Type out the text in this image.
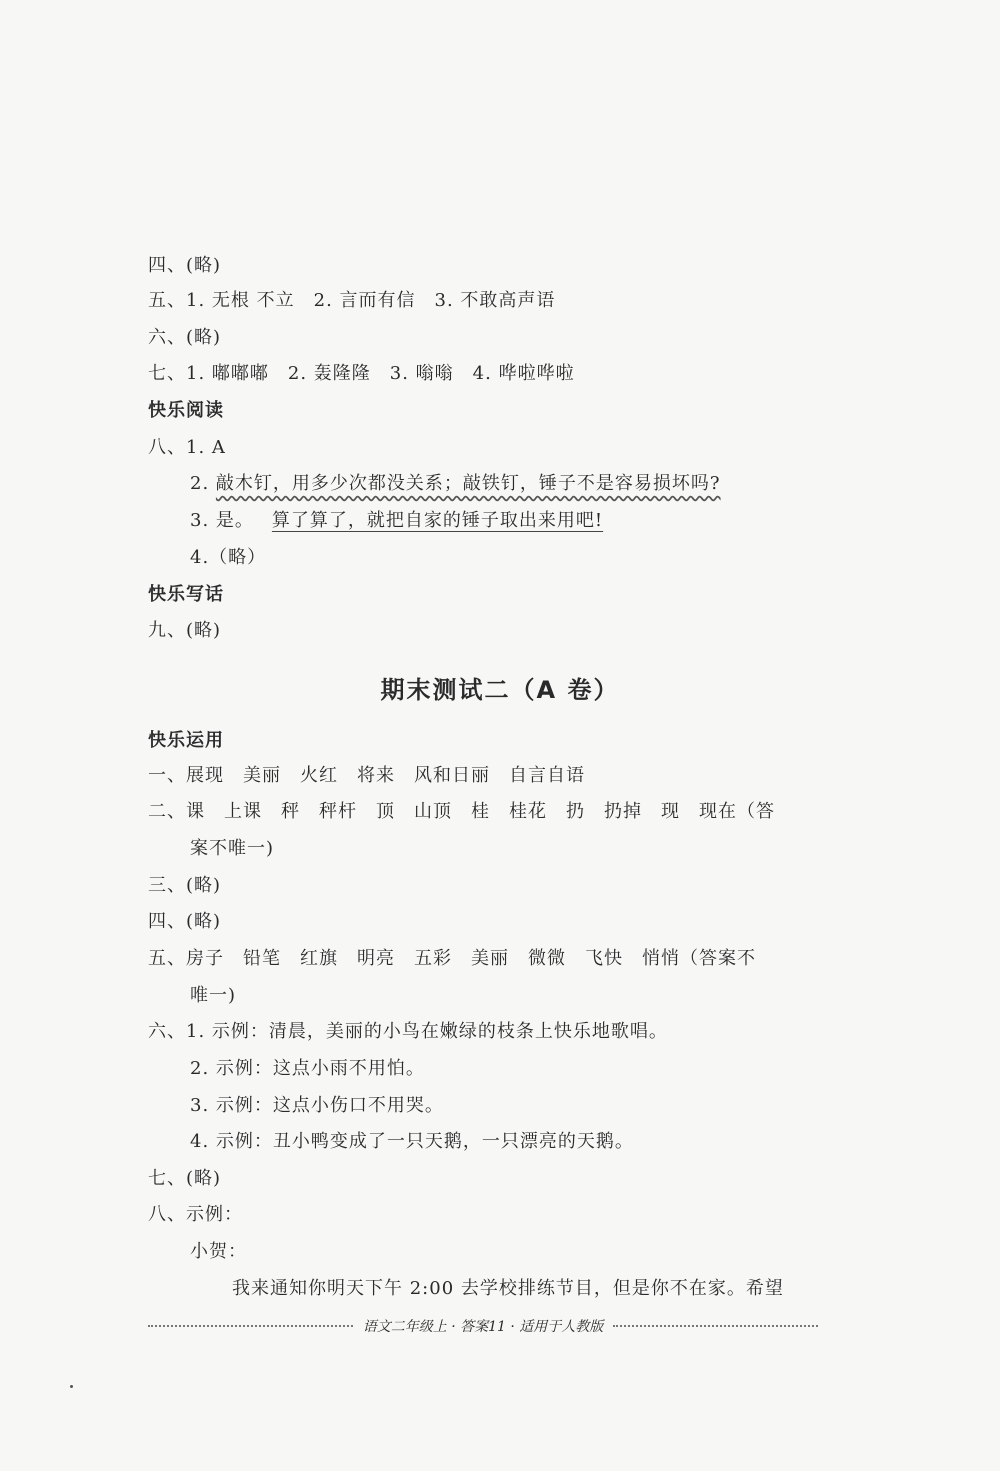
四、(略)
五、1. 无根 不立　2. 言而有信　3. 不敢高声语
六、(略)
七、1. 嘟嘟嘟　2. 轰隆隆　3. 嗡嗡　4. 哗啦哗啦
快乐阅读
八、1. A
2. 敲木钉，用多少次都没关系；敲铁钉，锤子不是容易损坏吗?
3. 是。 算了算了，就把自家的锤子取出来用吧!
4.（略）
快乐写话
九、(略)
期末测试二（A 卷）
快乐运用
一、展现　美丽　火红　将来　风和日丽　自言自语
二、课　上课　秤　秤杆　顶　山顶　桂　桂花　扔　扔掉　现　现在（答
案不唯一)
三、(略)
四、(略)
五、房子　铅笔　红旗　明亮　五彩　美丽　微微　飞快　悄悄（答案不
唯一)
六、1. 示例：清晨，美丽的小鸟在嫩绿的枝条上快乐地歌唱。
2. 示例：这点小雨不用怕。
3. 示例：这点小伤口不用哭。
4. 示例：丑小鸭变成了一只天鹅，一只漂亮的天鹅。
七、(略)
八、示例：
小贺：
我来通知你明天下午 2:00 去学校排练节目，但是你不在家。希望
语文二年级上 · 答案11 · 适用于人教版
